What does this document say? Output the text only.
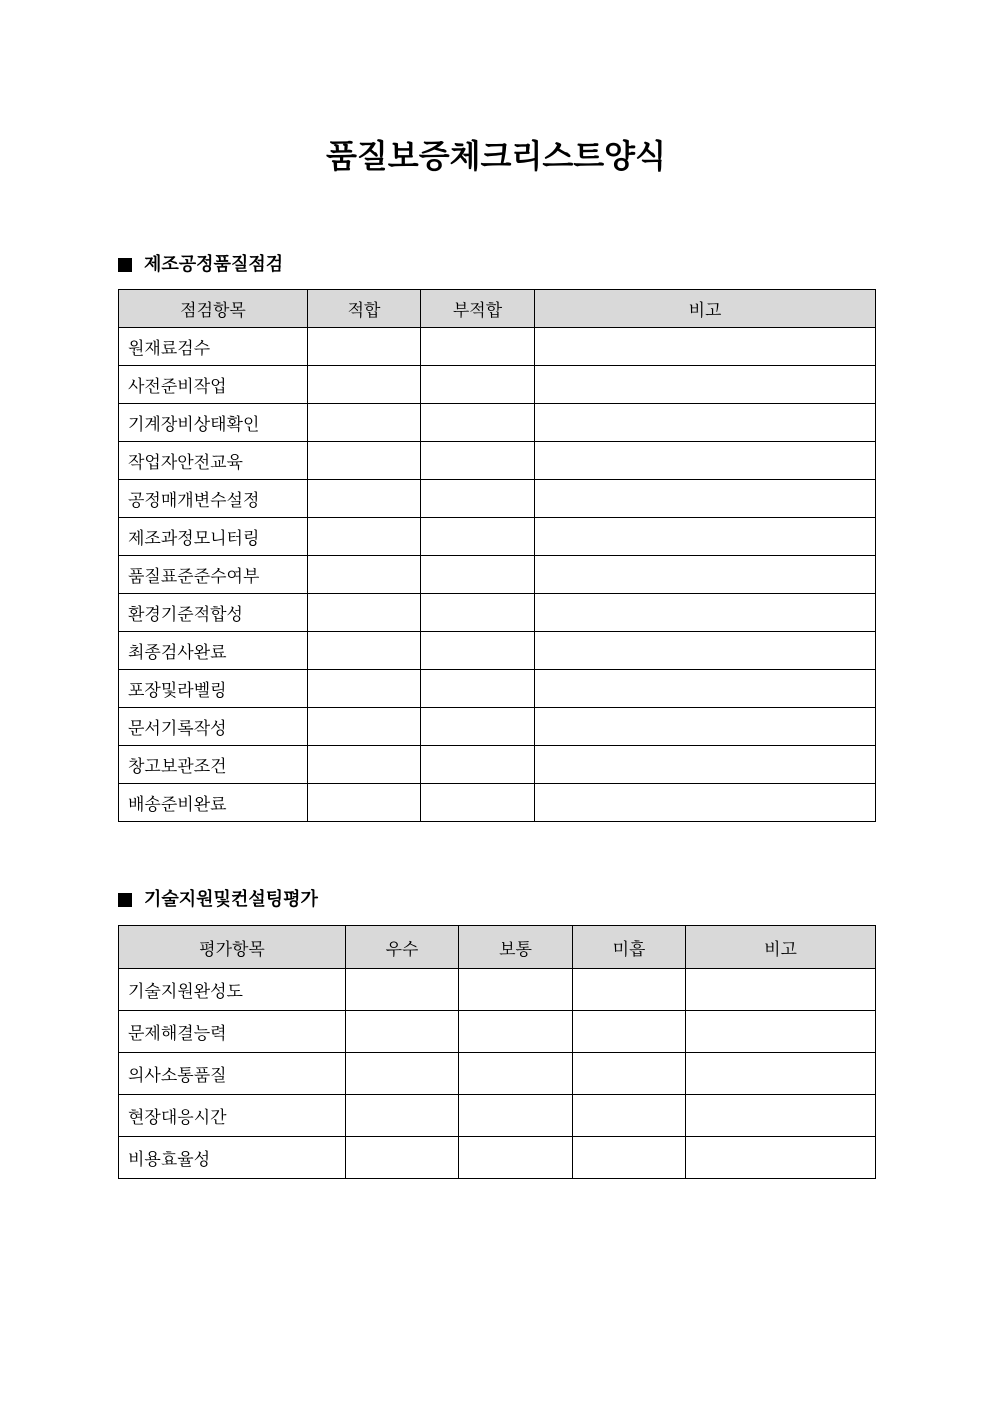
품질보증체크리스트양식
제조공정품질점검
점검항목	적합	부적합	비고
원재료검수			
사전준비작업			
기계장비상태확인			
작업자안전교육			
공정매개변수설정			
제조과정모니터링			
품질표준준수여부			
환경기준적합성			
최종검사완료			
포장및라벨링			
문서기록작성			
창고보관조건			
배송준비완료			
기술지원및컨설팅평가
평가항목	우수	보통	미흡	비고
기술지원완성도				
문제해결능력				
의사소통품질				
현장대응시간				
비용효율성				
